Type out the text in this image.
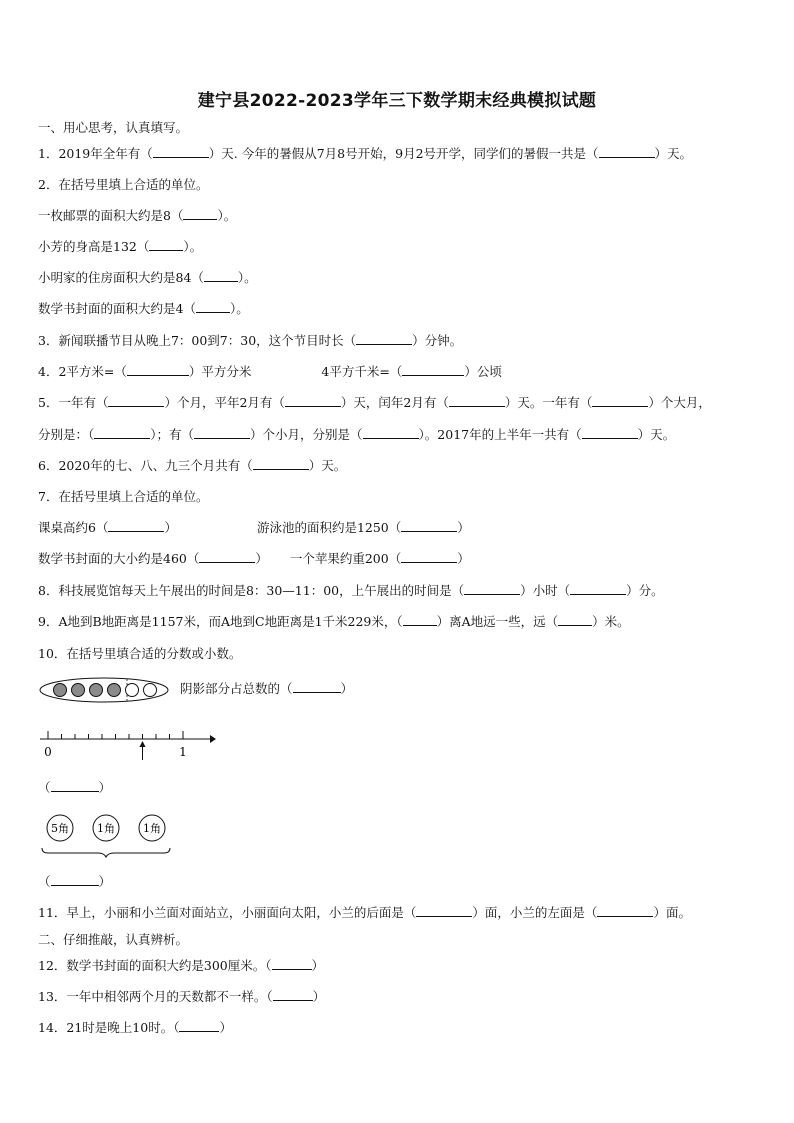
建宁县2022-2023学年三下数学期末经典模拟试题
一、用心思考，认真填写。
1．2019年全年有（	）天. 今年的暑假从7月8号开始，9月2号开学，同学们的暑假一共是（	）天。
2．在括号里填上合适的单位。
一枚邮票的面积大约是8（	）。
小芳的身高是132（	）。
小明家的住房面积大约是84（	）。
数学书封面的面积大约是4（	）。
3．新闻联播节目从晚上7：00到7：30，这个节目时长（	）分钟。
4．2平方米=（	）平方分米	4平方千米=（	）公顷
5．一年有（	）个月，平年2月有（	）天，闰年2月有（	）天。一年有（	）个大月，
分别是：（	）；有（	）个小月，分别是（	）。2017年的上半年一共有（	）天。
6．2020年的七、八、九三个月共有（	）天。
7．在括号里填上合适的单位。
课桌高约6（	）	游泳池的面积约是1250（	）
数学书封面的大小约是460（	） 一个苹果约重200（	）
8．科技展览馆每天上午展出的时间是8：30—11：00，上午展出的时间是（	）小时（	）分。
9．A地到B地距离是1157米，而A地到C地距离是1千米229米，（	）离A地远一些，远（	）米。
10．在括号里填合适的分数或小数。
阴影部分占总数的（	）
0	1
（	）
5角	1角	1角
（	）
11．早上，小丽和小兰面对面站立，小丽面向太阳，小兰的后面是（	）面，小兰的左面是（	）面。
二、仔细推敲，认真辨析。
12．数学书封面的面积大约是300厘米。（	）
13．一年中相邻两个月的天数都不一样。（	）
14．21时是晚上10时。（	）
